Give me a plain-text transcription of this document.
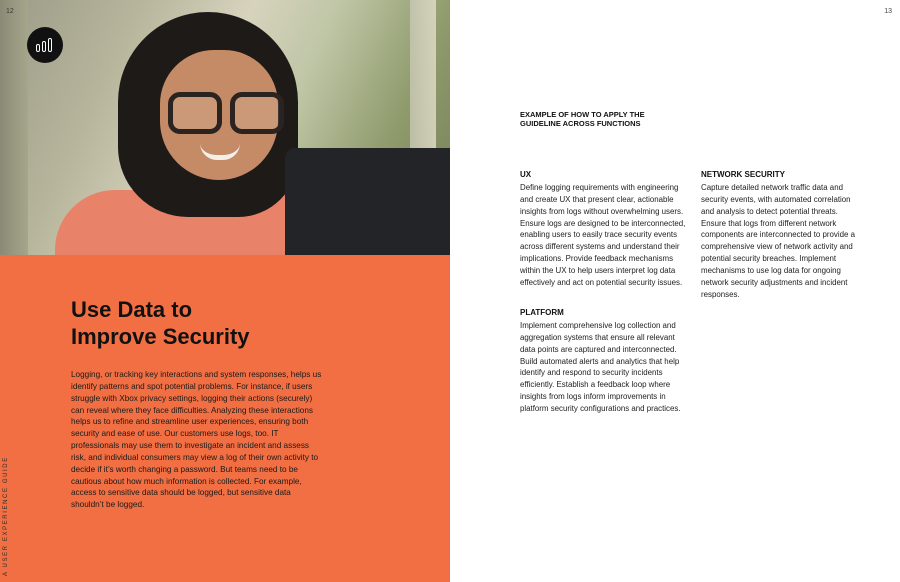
12
Use Data to
Improve Security

Logging, or tracking key interactions and system responses, helps us identify patterns and spot potential problems. For instance, if users struggle with Xbox privacy settings, logging their actions (securely) can reveal where they face difficulties. Analyzing these interactions helps us to refine and streamline user experiences, ensuring both security and ease of use. Our customers use logs, too. IT professionals may use them to investigate an incident and assess risk, and individual consumers may view a log of their own activity to decide if it’s worth changing a password. But teams need to be cautious about how much information is collected. For example, access to sensitive data should be logged, but sensitive data shouldn’t be logged.

A USER EXPERIENCE GUIDE
13
EXAMPLE OF HOW TO APPLY THE GUIDELINE ACROSS FUNCTIONS
UX

Define logging requirements with engineering and create UX that present clear, actionable insights from logs without overwhelming users. Ensure logs are designed to be interconnected, enabling users to easily trace security events across different systems and understand their implications. Provide feedback mechanisms within the UX to help users interpret log data effectively and act on potential security issues.

PLATFORM

Implement comprehensive log collection and aggregation systems that ensure all relevant data points are captured and interconnected. Build automated alerts and analytics that help identify and respond to security incidents efficiently. Establish a feedback loop where insights from logs inform improvements in platform security configurations and practices.

NETWORK SECURITY

Capture detailed network traffic data and security events, with automated correlation and analysis to detect potential threats. Ensure that logs from different network components are interconnected to provide a comprehensive view of network activity and potential security breaches. Implement mechanisms to use log data for ongoing network security adjustments and incident responses.
